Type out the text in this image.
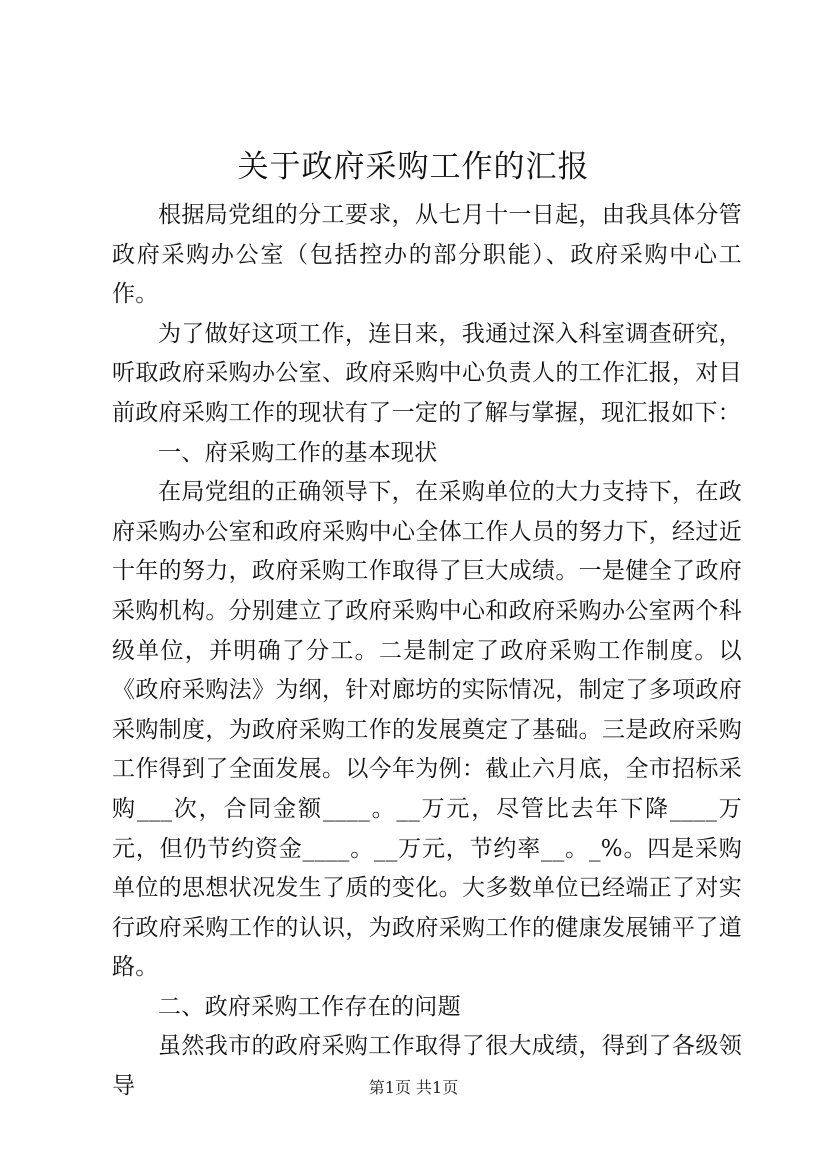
关于政府采购工作的汇报

根据局党组的分工要求，从七月十一日起，由我具体分管政府采购办公室（包括控办的部分职能）、政府采购中心工作。

为了做好这项工作，连日来，我通过深入科室调查研究，听取政府采购办公室、政府采购中心负责人的工作汇报，对目前政府采购工作的现状有了一定的了解与掌握，现汇报如下：

一、府采购工作的基本现状

在局党组的正确领导下，在采购单位的大力支持下，在政府采购办公室和政府采购中心全体工作人员的努力下，经过近十年的努力，政府采购工作取得了巨大成绩。一是健全了政府采购机构。分别建立了政府采购中心和政府采购办公室两个科级单位，并明确了分工。二是制定了政府采购工作制度。以《政府采购法》为纲，针对廊坊的实际情况，制定了多项政府采购制度，为政府采购工作的发展奠定了基础。三是政府采购工作得到了全面发展。以今年为例：截止六月底，全市招标采购___次，合同金额____。__万元，尽管比去年下降____万元，但仍节约资金____。__万元，节约率__。_%。四是采购单位的思想状况发生了质的变化。大多数单位已经端正了对实行政府采购工作的认识，为政府采购工作的健康发展铺平了道路。

二、政府采购工作存在的问题

虽然我市的政府采购工作取得了很大成绩，得到了各级领导	第1页 共1页
